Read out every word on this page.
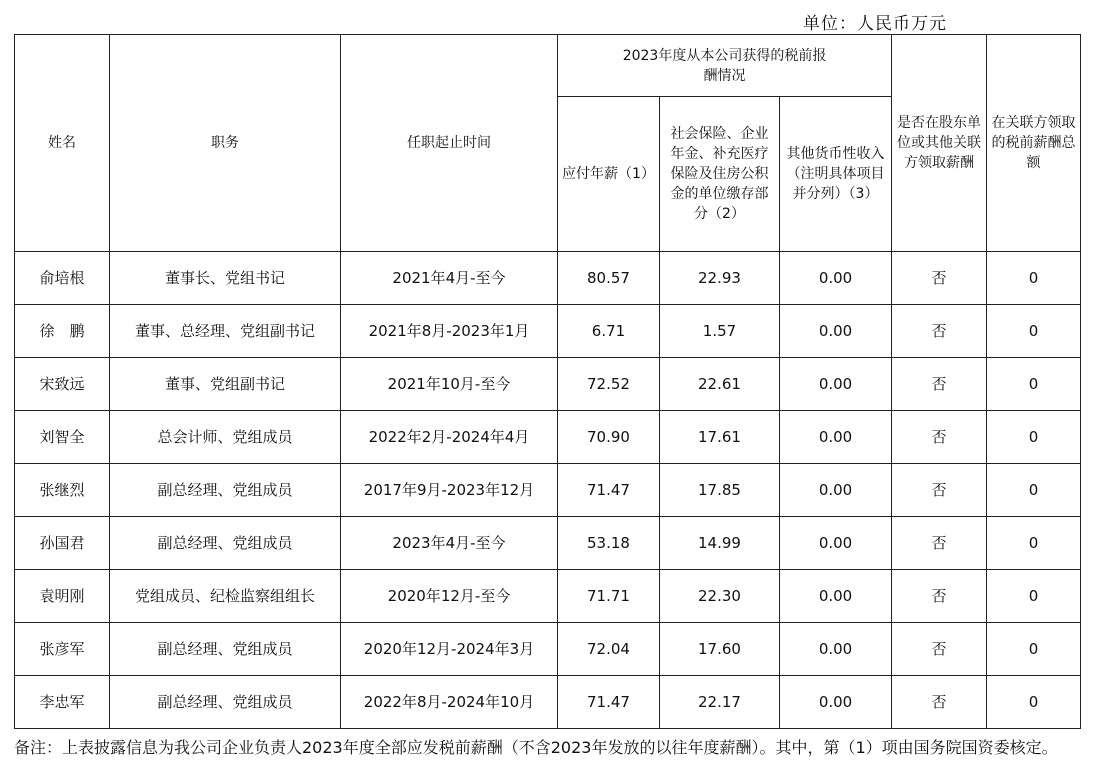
单位：人民币万元
姓名	职务	任职起止时间	2023年度从本公司获得的税前报酬情况			是否在股东单位或其他关联方领取薪酬	在关联方领取的税前薪酬总额
			应付年薪（1）	社会保险、企业年金、补充医疗保险及住房公积金的单位缴存部分（2）	其他货币性收入（注明具体项目并分列）（3）		
俞培根	董事长、党组书记	2021年4月-至今	80.57	22.93	0.00	否	0
徐　鹏	董事、总经理、党组副书记	2021年8月-2023年1月	6.71	1.57	0.00	否	0
宋致远	董事、党组副书记	2021年10月-至今	72.52	22.61	0.00	否	0
刘智全	总会计师、党组成员	2022年2月-2024年4月	70.90	17.61	0.00	否	0
张继烈	副总经理、党组成员	2017年9月-2023年12月	71.47	17.85	0.00	否	0
孙国君	副总经理、党组成员	2023年4月-至今	53.18	14.99	0.00	否	0
袁明刚	党组成员、纪检监察组组长	2020年12月-至今	71.71	22.30	0.00	否	0
张彦军	副总经理、党组成员	2020年12月-2024年3月	72.04	17.60	0.00	否	0
李忠军	副总经理、党组成员	2022年8月-2024年10月	71.47	22.17	0.00	否	0
备注：上表披露信息为我公司企业负责人2023年度全部应发税前薪酬（不含2023年发放的以往年度薪酬）。其中，第（1）项由国务院国资委核定。
